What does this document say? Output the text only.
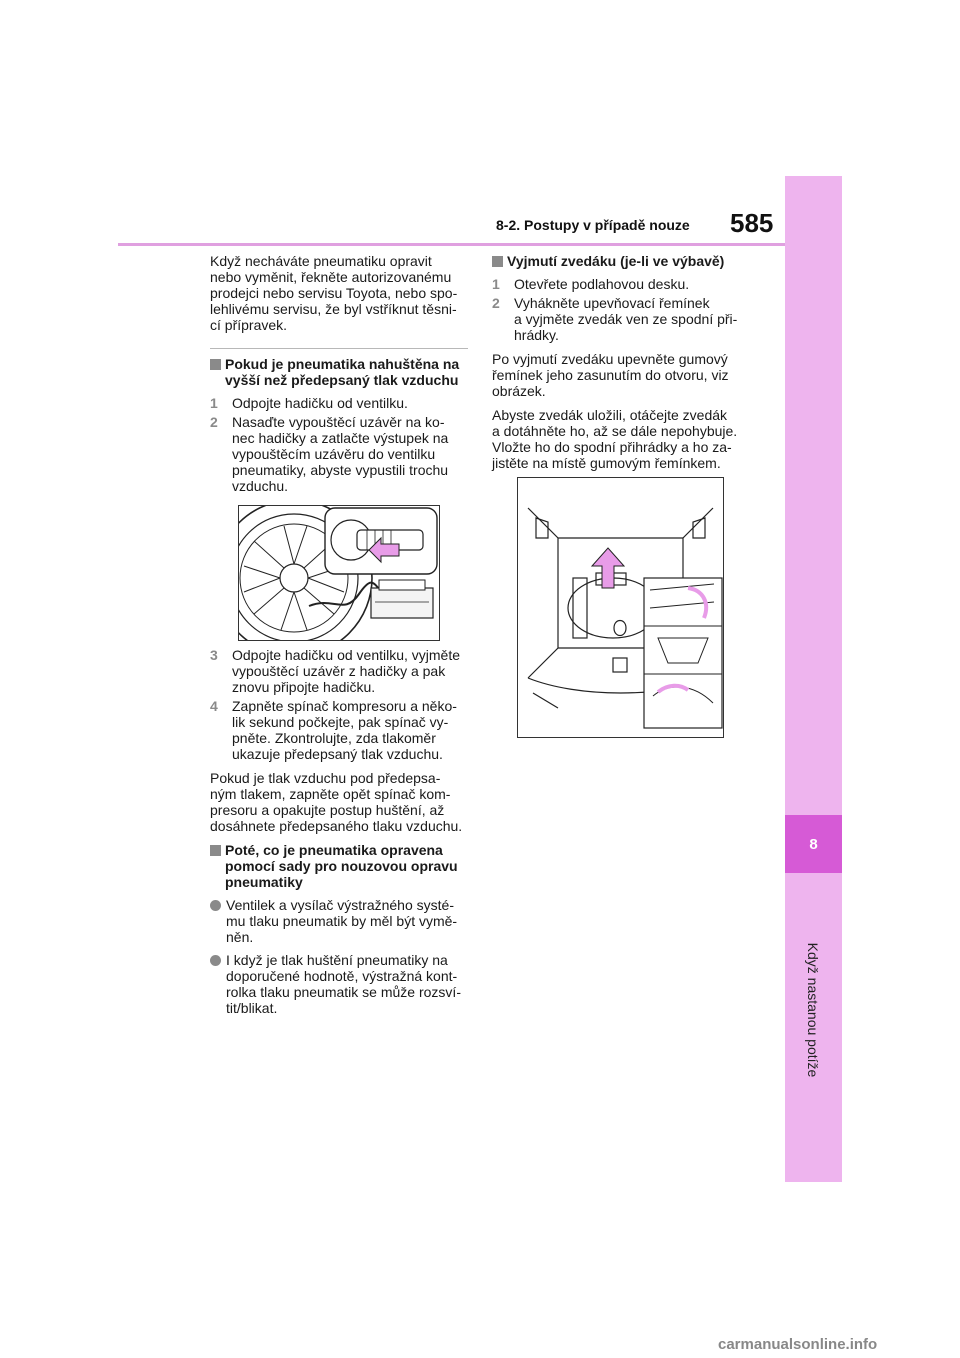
8-2. Postupy v případě nouze 585
8
Když nastanou potíže

Když necháváte pneumatiku opravit
nebo vyměnit, řekněte autorizovanému
prodejci nebo servisu Toyota, nebo spo-
lehlivému servisu, že byl vstříknut těsni-
cí přípravek.

Pokud je pneumatika nahuštěna na
vyšší než předepsaný tlak vzduchu
1	Odpojte hadičku od ventilku.
2	Nasaďte vypouštěcí uzávěr na ko-
nec hadičky a zatlačte výstupek na
vypouštěcím uzávěru do ventilku
pneumatiky, abyste vypustili trochu
vzduchu.
3	Odpojte hadičku od ventilku, vyjměte
vypouštěcí uzávěr z hadičky a pak
znovu připojte hadičku.
4	Zapněte spínač kompresoru a něko-
lik sekund počkejte, pak spínač vy-
pněte. Zkontrolujte, zda tlakoměr
ukazuje předepsaný tlak vzduchu.

Pokud je tlak vzduchu pod předepsa-
ným tlakem, zapněte opět spínač kom-
presoru a opakujte postup huštění, až
dosáhnete předepsaného tlaku vzduchu.

Poté, co je pneumatika opravena
pomocí sady pro nouzovou opravu
pneumatiky
Ventilek a vysílač výstražného systé-
mu tlaku pneumatik by měl být vymě-
něn.
I když je tlak huštění pneumatiky na
doporučené hodnotě, výstražná kont-
rolka tlaku pneumatik se může rozsví-
tit/blikat.
Vyjmutí zvedáku (je-li ve výbavě)
1	Otevřete podlahovou desku.
2	Vyhákněte upevňovací řemínek
a vyjměte zvedák ven ze spodní při-
hrádky.

Po vyjmutí zvedáku upevněte gumový
řemínek jeho zasunutím do otvoru, viz
obrázek.

Abyste zvedák uložili, otáčejte zvedák
a dotáhněte ho, až se dále nepohybuje.
Vložte ho do spodní přihrádky a ho za-
jistěte na místě gumovým řemínkem.

carmanualsonline.info
